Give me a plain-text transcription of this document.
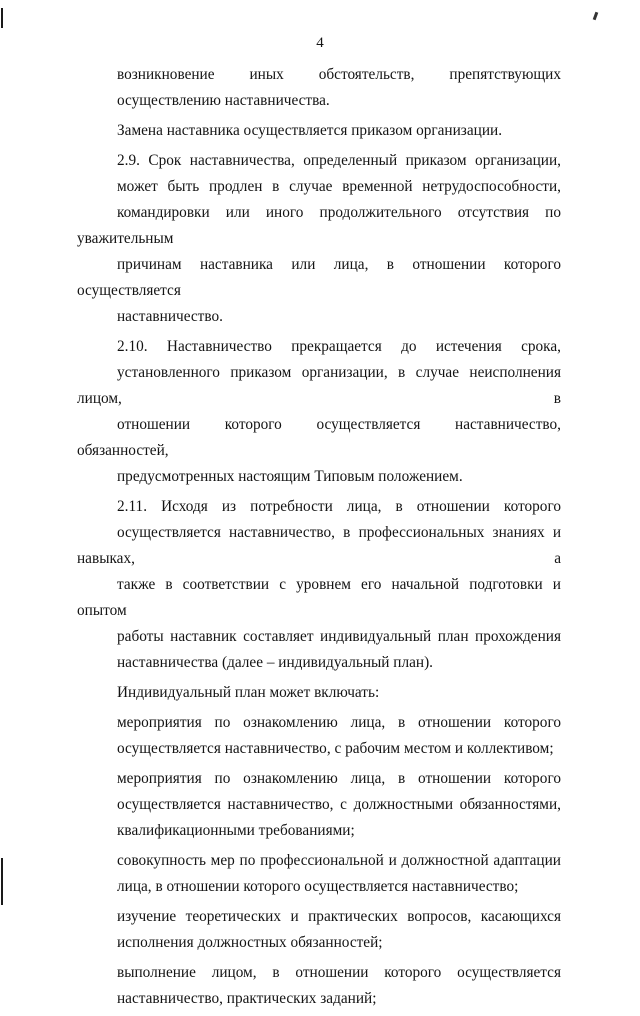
4

возникновение иных обстоятельств, препятствующих
осуществлению наставничества.

Замена наставника осуществляется приказом организации.

2.9. Срок наставничества, определенный приказом организации,
может быть продлен в случае временной нетрудоспособности,
командировки или иного продолжительного отсутствия по уважительным
причинам наставника или лица, в отношении которого осуществляется
наставничество.

2.10. Наставничество прекращается до истечения срока,
установленного приказом организации, в случае неисполнения лицом, в
отношении которого осуществляется наставничество, обязанностей,
предусмотренных настоящим Типовым положением.

2.11. Исходя из потребности лица, в отношении которого
осуществляется наставничество, в профессиональных знаниях и навыках, а
также в соответствии с уровнем его начальной подготовки и опытом
работы наставник составляет индивидуальный план прохождения
наставничества (далее – индивидуальный план).

Индивидуальный план может включать:

мероприятия по ознакомлению лица, в отношении которого
осуществляется наставничество, с рабочим местом и коллективом;

мероприятия по ознакомлению лица, в отношении которого
осуществляется наставничество, с должностными обязанностями,
квалификационными требованиями;

совокупность мер по профессиональной и должностной адаптации
лица, в отношении которого осуществляется наставничество;

изучение теоретических и практических вопросов, касающихся
исполнения должностных обязанностей;

выполнение лицом, в отношении которого осуществляется
наставничество, практических заданий;
